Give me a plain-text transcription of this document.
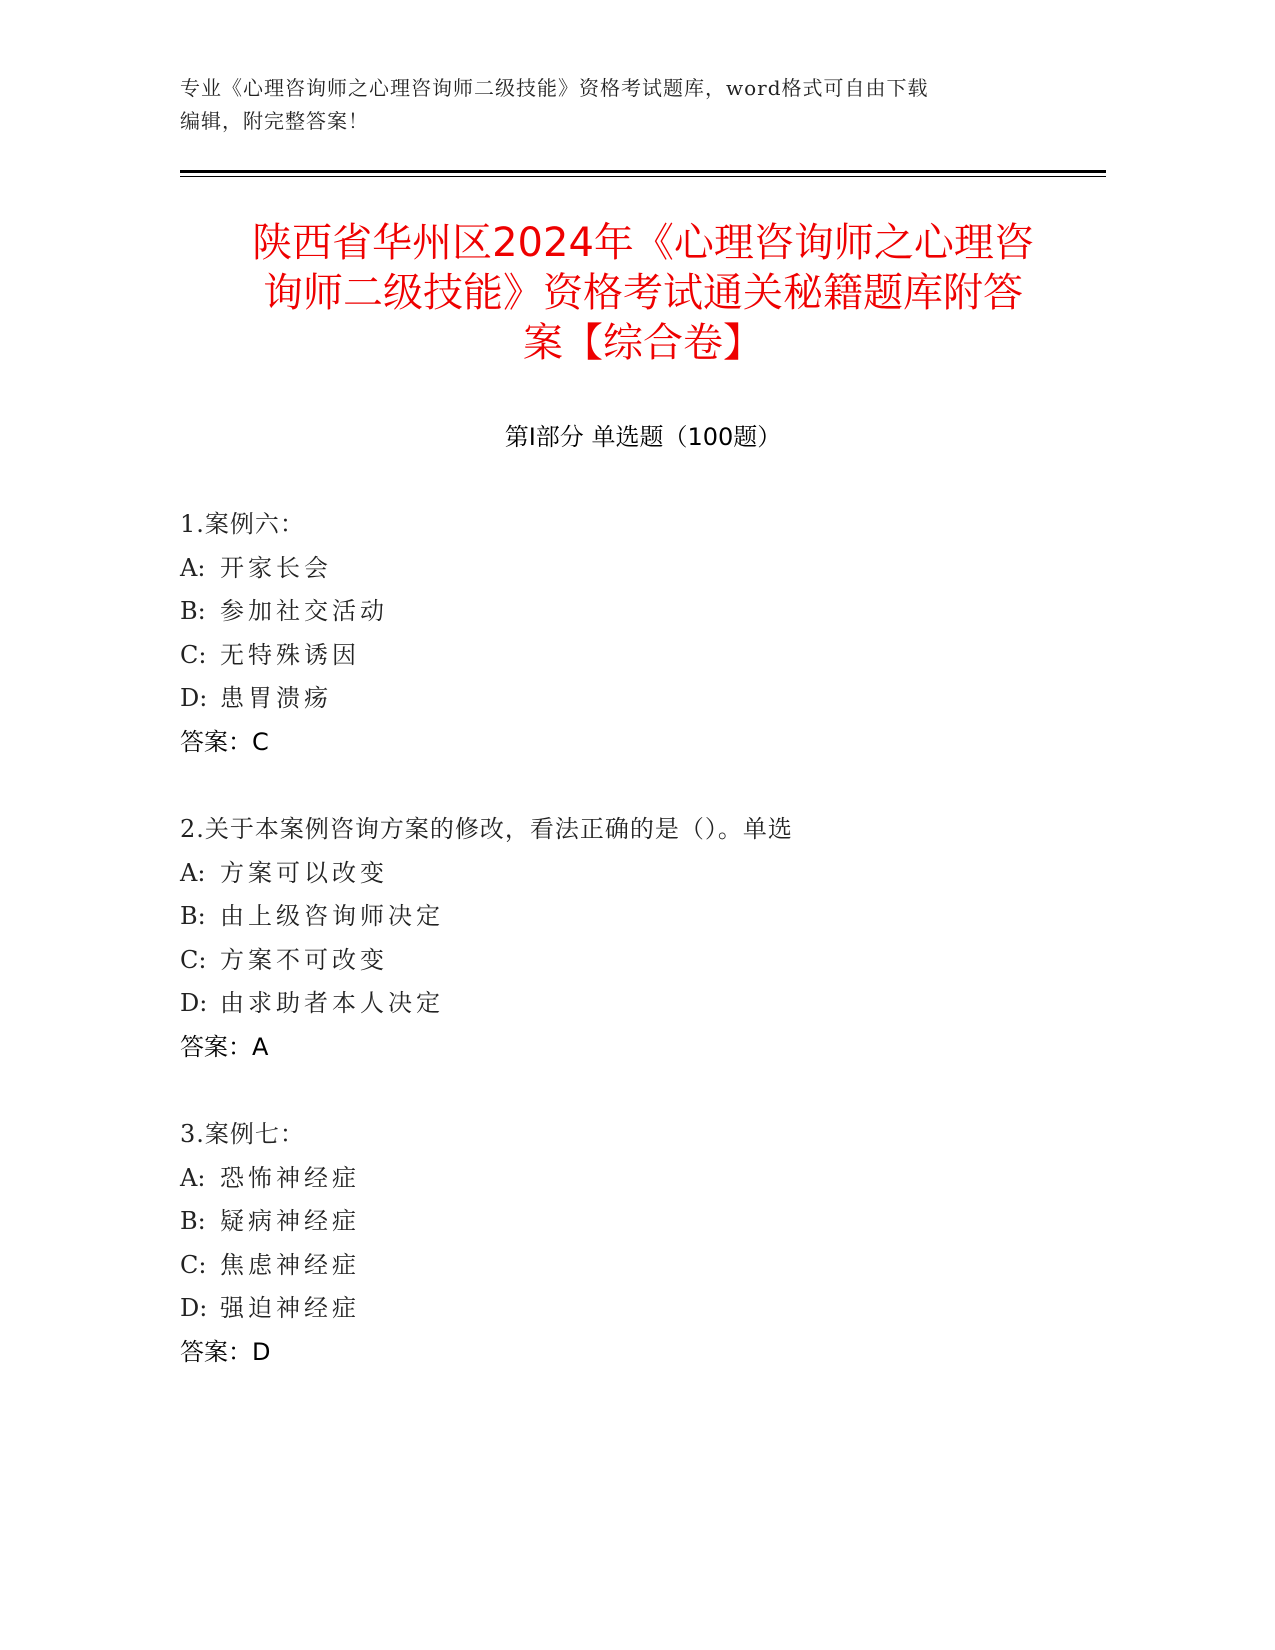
专业《心理咨询师之心理咨询师二级技能》资格考试题库，word格式可自由下载
编辑，附完整答案！
陕西省华州区2024年《心理咨询师之心理咨
询师二级技能》资格考试通关秘籍题库附答
案【综合卷】
第Ⅰ部分 单选题（100题）
1.案例六：
A: 开家长会
B: 参加社交活动
C: 无特殊诱因
D: 患胃溃疡
答案：C
2.关于本案例咨询方案的修改，看法正确的是（）。单选
A: 方案可以改变
B: 由上级咨询师决定
C: 方案不可改变
D: 由求助者本人决定
答案：A
3.案例七：
A: 恐怖神经症
B: 疑病神经症
C: 焦虑神经症
D: 强迫神经症
答案：D
